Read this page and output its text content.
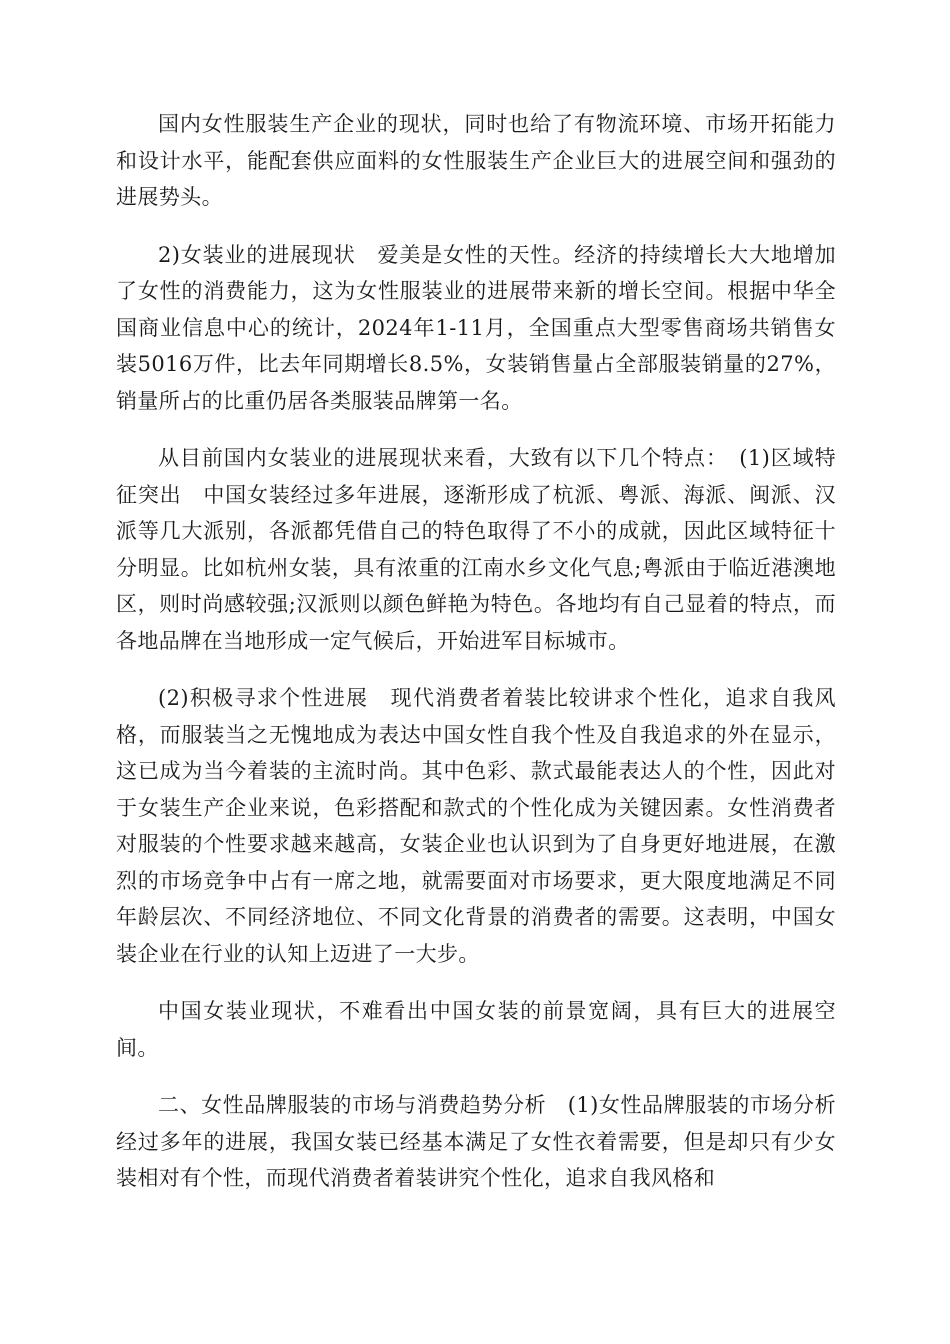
国内女性服装生产企业的现状，同时也给了有物流环境、市场开拓能力和设计水平，能配套供应面料的女性服装生产企业巨大的进展空间和强劲的进展势头。

2)女装业的进展现状　爱美是女性的天性。经济的持续增长大大地增加了女性的消费能力，这为女性服装业的进展带来新的增长空间。根据中华全国商业信息中心的统计，2024年1-11月，全国重点大型零售商场共销售女装5016万件，比去年同期增长8.5%，女装销售量占全部服装销量的27%，销量所占的比重仍居各类服装品牌第一名。

从目前国内女装业的进展现状来看，大致有以下几个特点：　(1)区域特征突出　中国女装经过多年进展，逐渐形成了杭派、粤派、海派、闽派、汉派等几大派别，各派都凭借自己的特色取得了不小的成就，因此区域特征十分明显。比如杭州女装，具有浓重的江南水乡文化气息;粤派由于临近港澳地区，则时尚感较强;汉派则以颜色鲜艳为特色。各地均有自己显着的特点，而各地品牌在当地形成一定气候后，开始进军目标城市。

(2)积极寻求个性进展　现代消费者着装比较讲求个性化，追求自我风格，而服装当之无愧地成为表达中国女性自我个性及自我追求的外在显示，这已成为当今着装的主流时尚。其中色彩、款式最能表达人的个性，因此对于女装生产企业来说，色彩搭配和款式的个性化成为关键因素。女性消费者对服装的个性要求越来越高，女装企业也认识到为了自身更好地进展，在激烈的市场竞争中占有一席之地，就需要面对市场要求，更大限度地满足不同年龄层次、不同经济地位、不同文化背景的消费者的需要。这表明，中国女装企业在行业的认知上迈进了一大步。

中国女装业现状，不难看出中国女装的前景宽阔，具有巨大的进展空间。

二、女性品牌服装的市场与消费趋势分析　(1)女性品牌服装的市场分析　经过多年的进展，我国女装已经基本满足了女性衣着需要，但是却只有少女装相对有个性，而现代消费者着装讲究个性化，追求自我风格和
